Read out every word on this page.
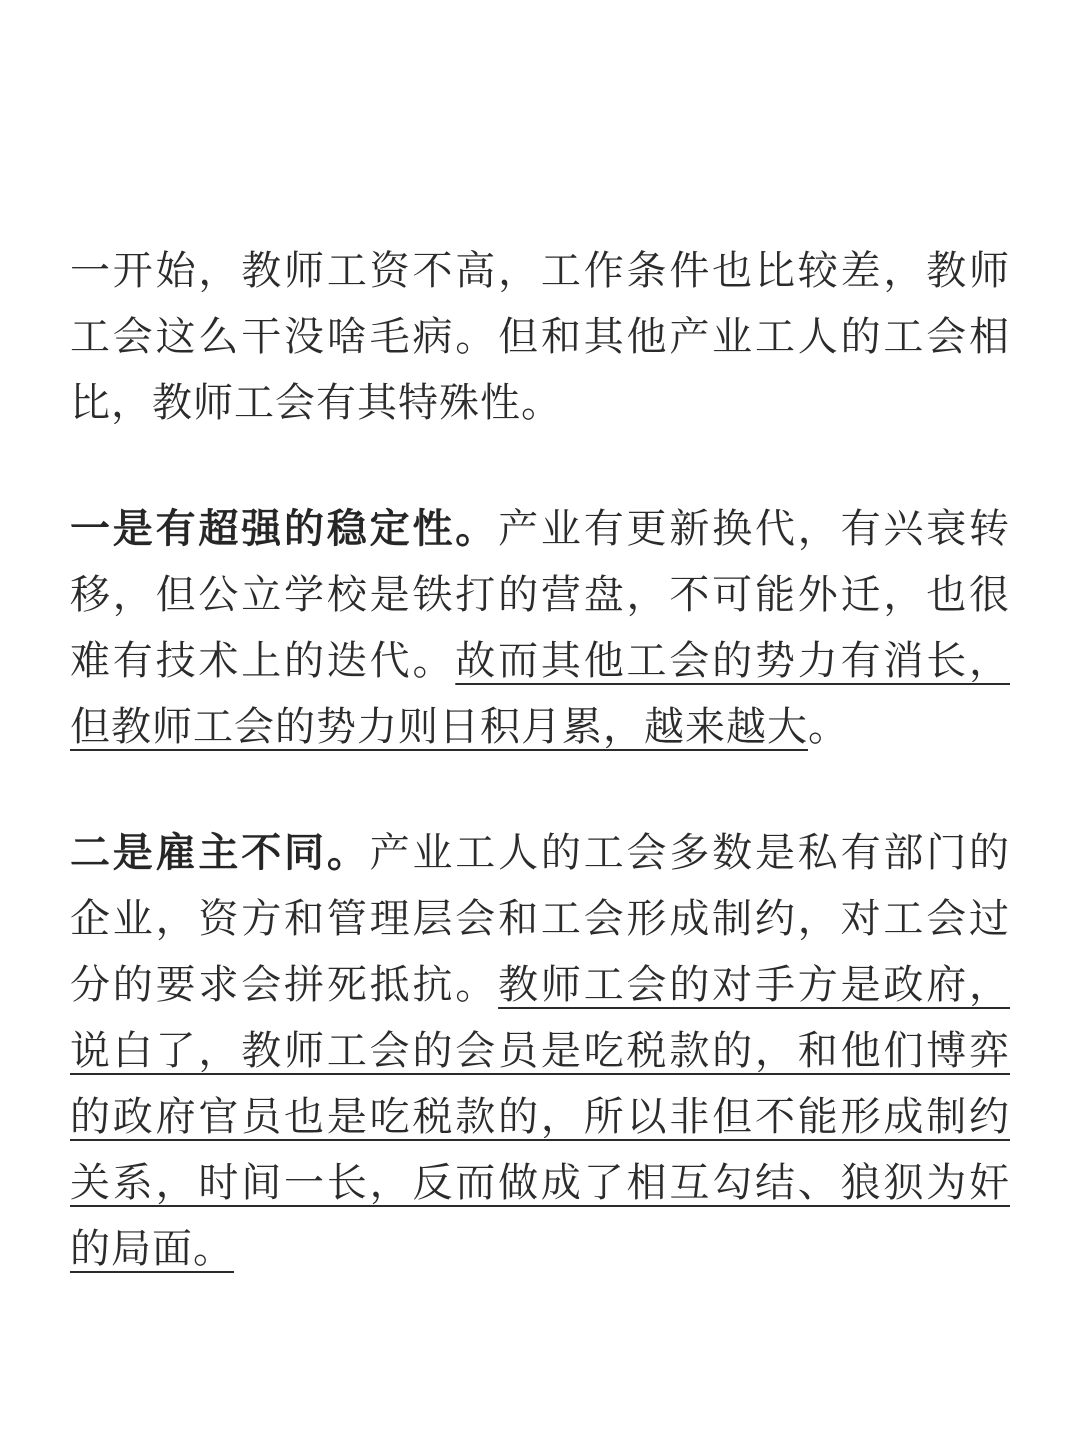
一开始，教师工资不高，工作条件也比较差，教师工会这么干没啥毛病。但和其他产业工人的工会相比，教师工会有其特殊性。

一是有超强的稳定性。产业有更新换代，有兴衰转移，但公立学校是铁打的营盘，不可能外迁，也很难有技术上的迭代。故而其他工会的势力有消长，但教师工会的势力则日积月累，越来越大。

二是雇主不同。产业工人的工会多数是私有部门的企业，资方和管理层会和工会形成制约，对工会过分的要求会拼死抵抗。教师工会的对手方是政府，说白了，教师工会的会员是吃税款的，和他们博弈的政府官员也是吃税款的，所以非但不能形成制约关系，时间一长，反而做成了相互勾结、狼狈为奸的局面。
